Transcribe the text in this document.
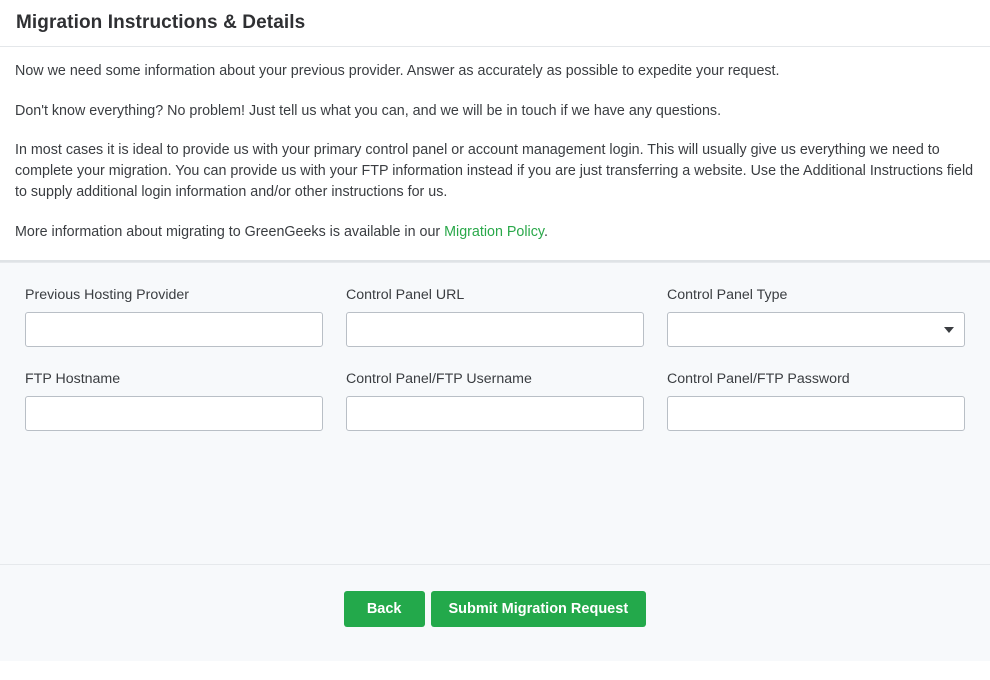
Migration Instructions & Details

Now we need some information about your previous provider. Answer as accurately as possible to expedite your request.

Don't know everything? No problem! Just tell us what you can, and we will be in touch if we have any questions.

In most cases it is ideal to provide us with your primary control panel or account management login. This will usually give us everything we need to complete your migration. You can provide us with your FTP information instead if you are just transferring a website. Use the Additional Instructions field to supply additional login information and/or other instructions for us.

More information about migrating to GreenGeeks is available in our Migration Policy.

Previous Hosting Provider	Control Panel URL	Control Panel Type
FTP Hostname	Control Panel/FTP Username	Control Panel/FTP Password
Back	Submit Migration Request
